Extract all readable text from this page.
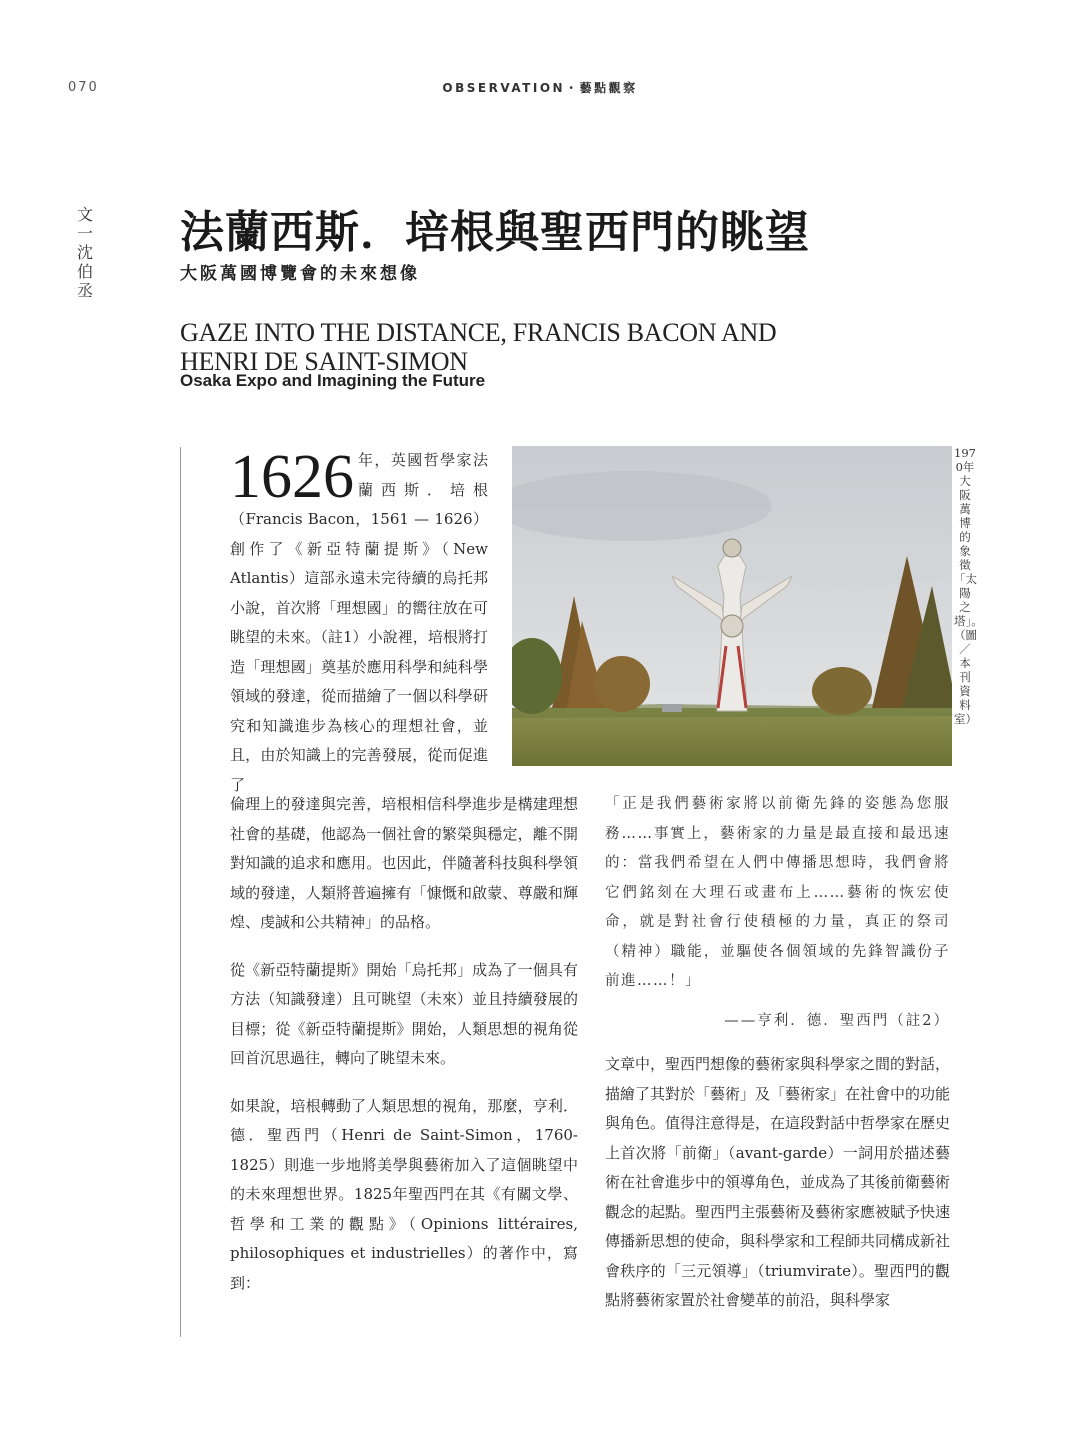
070	OBSERVATION・藝點觀察
文一沈伯丞
法蘭西斯．培根與聖西門的眺望
大阪萬國博覽會的未來想像
GAZE INTO THE DISTANCE, FRANCIS BACON AND HENRI DE SAINT-SIMON
Osaka Expo and Imagining the Future
1626 年，英國哲學家法蘭西斯．培根（Francis Bacon，1561 — 1626）創作了《新亞特蘭提斯》（New Atlantis）這部永遠未完待續的烏托邦小說，首次將「理想國」的嚮往放在可眺望的未來。（註1）小說裡，培根將打造「理想國」奠基於應用科學和純科學領域的發達，從而描繪了一個以科學研究和知識進步為核心的理想社會，並且，由於知識上的完善發展，從而促進了
1970年大阪萬博的象徵「太陽之塔」。（圖／本刊資料室）

倫理上的發達與完善，培根相信科學進步是構建理想社會的基礎，他認為一個社會的繁榮與穩定，離不開對知識的追求和應用。也因此，伴隨著科技與科學領域的發達，人類將普遍擁有「慷慨和啟蒙、尊嚴和輝煌、虔誠和公共精神」的品格。

從《新亞特蘭提斯》開始「烏托邦」成為了一個具有方法（知識發達）且可眺望（未來）並且持續發展的目標；從《新亞特蘭提斯》開始，人類思想的視角從回首沉思過往，轉向了眺望未來。

如果說，培根轉動了人類思想的視角，那麼，亨利．德．聖西門（Henri de Saint-Simon，1760-1825）則進一步地將美學與藝術加入了這個眺望中的未來理想世界。1825年聖西門在其《有關文學、哲學和工業的觀點》（Opinions littéraires, philosophiques et industrielles）的著作中，寫到：

「正是我們藝術家將以前衛先鋒的姿態為您服務……事實上，藝術家的力量是最直接和最迅速的：當我們希望在人們中傳播思想時，我們會將它們銘刻在大理石或畫布上……藝術的恢宏使命，就是對社會行使積極的力量，真正的祭司（精神）職能，並驅使各個領域的先鋒智識份子前進……！」
——亨利．德．聖西門（註2）

文章中，聖西門想像的藝術家與科學家之間的對話，描繪了其對於「藝術」及「藝術家」在社會中的功能與角色。值得注意得是，在這段對話中哲學家在歷史上首次將「前衛」（avant-garde）一詞用於描述藝術在社會進步中的領導角色，並成為了其後前衛藝術觀念的起點。聖西門主張藝術及藝術家應被賦予快速傳播新思想的使命，與科學家和工程師共同構成新社會秩序的「三元領導」（triumvirate）。聖西門的觀點將藝術家置於社會變革的前沿，與科學家
